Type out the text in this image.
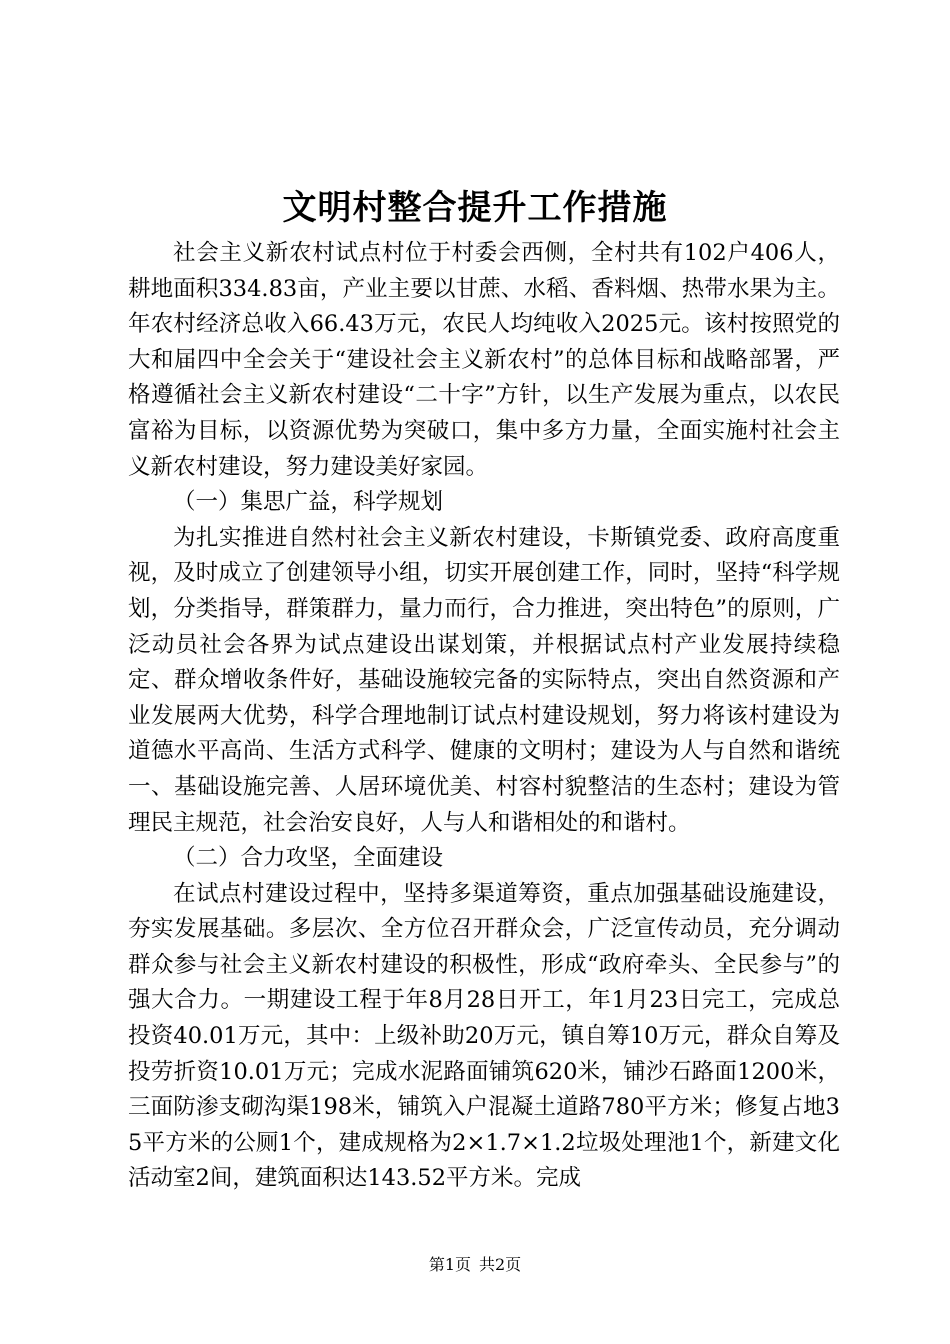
文明村整合提升工作措施

社会主义新农村试点村位于村委会西侧，全村共有102户406人，耕地面积334.83亩，产业主要以甘蔗、水稻、香料烟、热带水果为主。年农村经济总收入66.43万元，农民人均纯收入2025元。该村按照党的大和届四中全会关于“建设社会主义新农村”的总体目标和战略部署，严格遵循社会主义新农村建设“二十字”方针，以生产发展为重点，以农民富裕为目标，以资源优势为突破口，集中多方力量，全面实施村社会主义新农村建设，努力建设美好家园。

（一）集思广益，科学规划

为扎实推进自然村社会主义新农村建设，卡斯镇党委、政府高度重视，及时成立了创建领导小组，切实开展创建工作，同时，坚持“科学规划，分类指导，群策群力，量力而行，合力推进，突出特色”的原则，广泛动员社会各界为试点建设出谋划策，并根据试点村产业发展持续稳定、群众增收条件好，基础设施较完备的实际特点，突出自然资源和产业发展两大优势，科学合理地制订试点村建设规划，努力将该村建设为道德水平高尚、生活方式科学、健康的文明村；建设为人与自然和谐统一、基础设施完善、人居环境优美、村容村貌整洁的生态村；建设为管理民主规范，社会治安良好，人与人和谐相处的和谐村。

（二）合力攻坚，全面建设

在试点村建设过程中，坚持多渠道筹资，重点加强基础设施建设，夯实发展基础。多层次、全方位召开群众会，广泛宣传动员，充分调动群众参与社会主义新农村建设的积极性，形成“政府牵头、全民参与”的强大合力。一期建设工程于年8月28日开工，年1月23日完工，完成总投资40.01万元，其中：上级补助20万元，镇自筹10万元，群众自筹及投劳折资10.01万元；完成水泥路面铺筑620米，铺沙石路面1200米，三面防渗支砌沟渠198米，铺筑入户混凝土道路780平方米；修复占地35平方米的公厕1个，建成规格为2×1.7×1.2垃圾处理池1个，新建文化活动室2间，建筑面积达143.52平方米。完成

第1页 共2页
